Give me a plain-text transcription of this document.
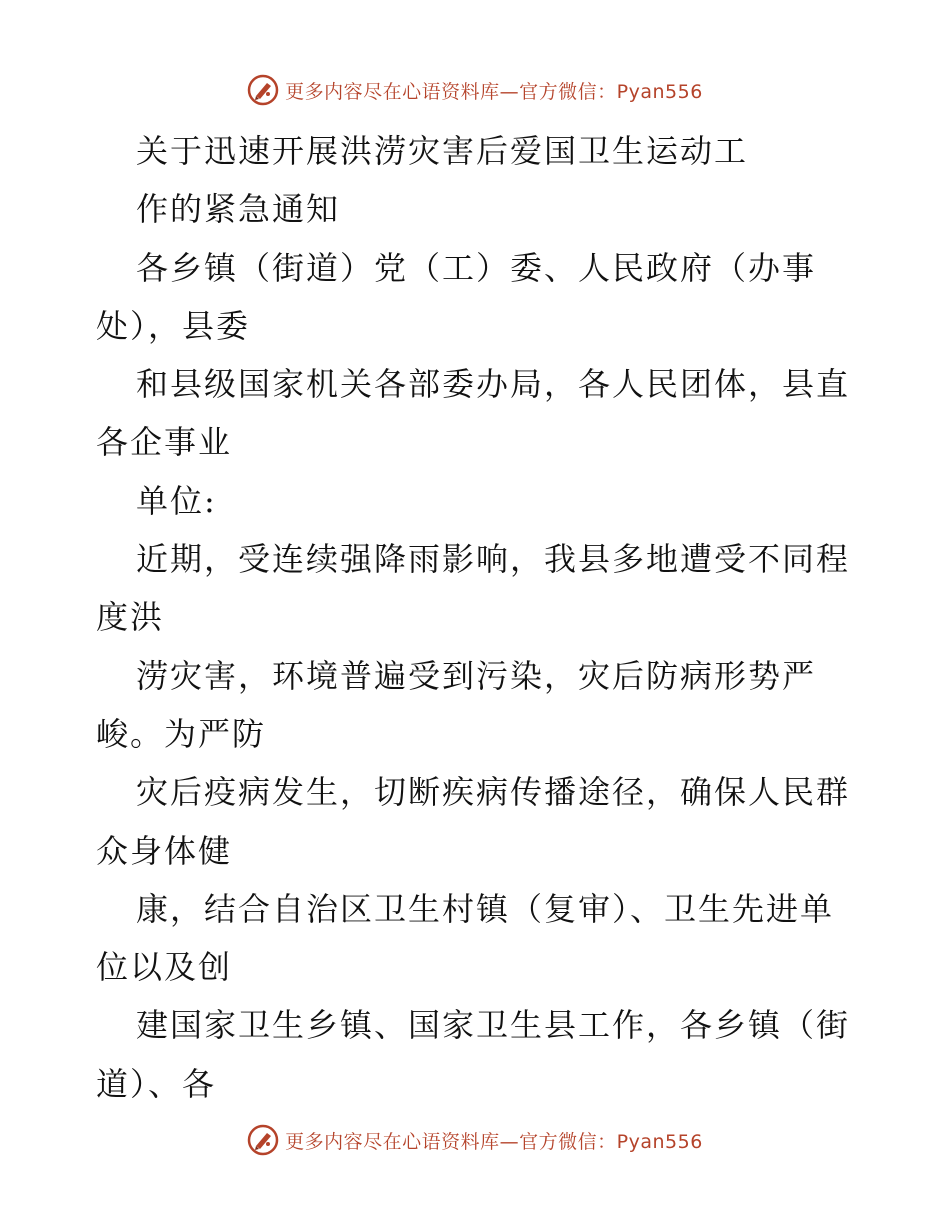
更多内容尽在心语资料库—官方微信：Pyan556
关于迅速开展洪涝灾害后爱国卫生运动工
作的紧急通知
各乡镇（街道）党（工）委、人民政府（办事
处），县委
和县级国家机关各部委办局，各人民团体，县直
各企事业
单位:
近期，受连续强降雨影响，我县多地遭受不同程
度洪
涝灾害，环境普遍受到污染，灾后防病形势严
峻。为严防
灾后疫病发生，切断疾病传播途径，确保人民群
众身体健
康，结合自治区卫生村镇（复审）、卫生先进单
位以及创
建国家卫生乡镇、国家卫生县工作，各乡镇（街
道）、各
更多内容尽在心语资料库—官方微信：Pyan556
